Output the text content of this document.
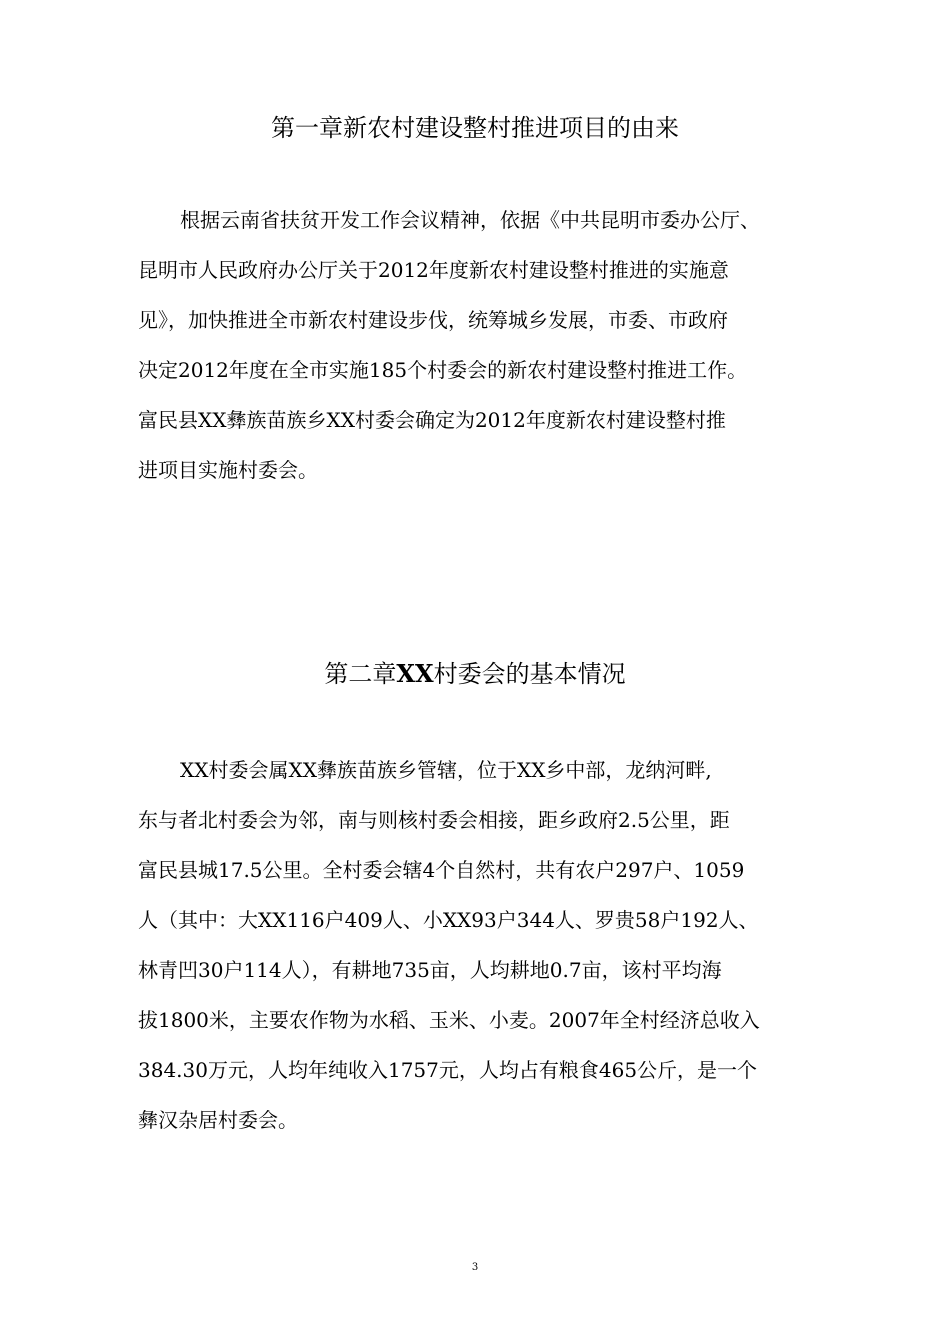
第一章新农村建设整村推进项目的由来
根据云南省扶贫开发工作会议精神，依据《中共昆明市委办公厅、
昆明市人民政府办公厅关于2012年度新农村建设整村推进的实施意
见》，加快推进全市新农村建设步伐，统筹城乡发展，市委、市政府
决定2012年度在全市实施185个村委会的新农村建设整村推进工作。
富民县XX彝族苗族乡XX村委会确定为2012年度新农村建设整村推
进项目实施村委会。
第二章XX村委会的基本情况
XX村委会属XX彝族苗族乡管辖，位于XX乡中部，龙纳河畔,
东与者北村委会为邻，南与则核村委会相接，距乡政府2.5公里，距
富民县城17.5公里。全村委会辖4个自然村，共有农户297户、1059
人（其中：大XX116户409人、小XX93户344人、罗贵58户192人、
林青凹30户114人），有耕地735亩，人均耕地0.7亩，该村平均海
拔1800米，主要农作物为水稻、玉米、小麦。2007年全村经济总收入
384.30万元，人均年纯收入1757元，人均占有粮食465公斤，是一个
彝汉杂居村委会。
3
